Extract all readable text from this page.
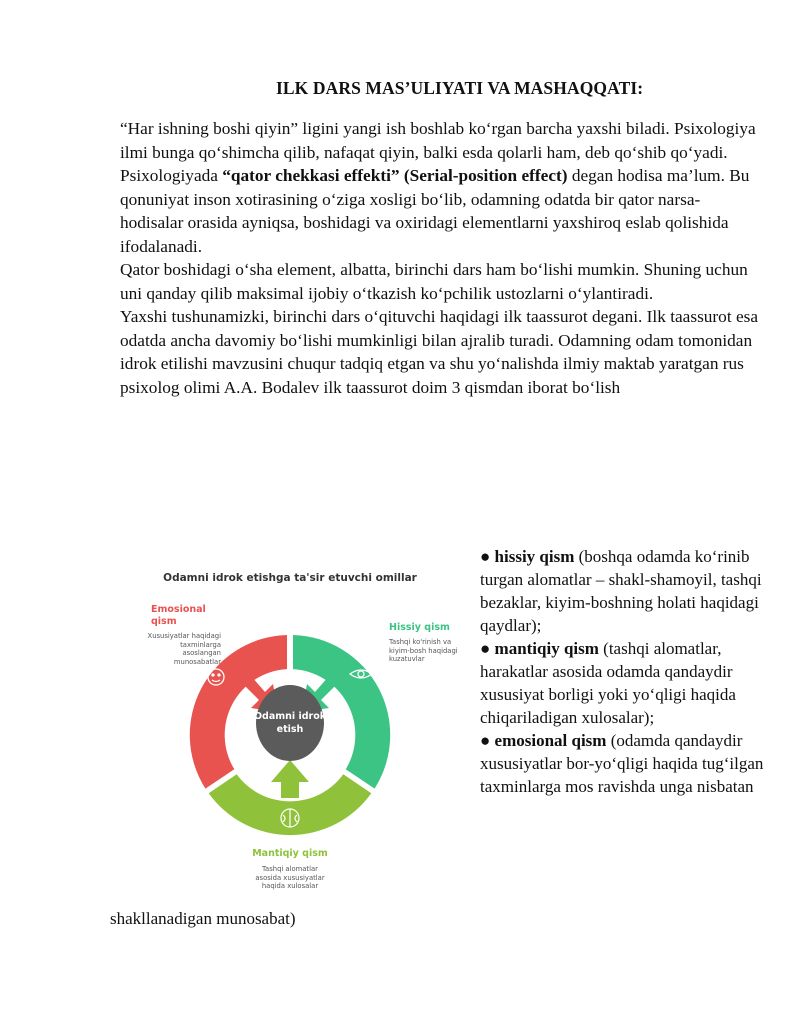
ILK DARS MAS’ULIYATI VA MASHAQQATI:

“Har ishning boshi qiyin” ligini yangi ish boshlab ko‘rgan barcha yaxshi biladi. Psixologiya ilmi bunga qo‘shimcha qilib, nafaqat qiyin, balki esda qolarli ham, deb qo‘shib qo‘yadi.

Psixologiyada “qator chekkasi effekti” (Serial-position effect) degan hodisa ma’lum. Bu qonuniyat inson xotirasining o‘ziga xosligi bo‘lib, odamning odatda bir qator narsa-hodisalar orasida ayniqsa, boshidagi va oxiridagi elementlarni yaxshiroq eslab qolishida ifodalanadi.

Qator boshidagi o‘sha element, albatta, birinchi dars ham bo‘lishi mumkin. Shuning uchun uni qanday qilib maksimal ijobiy o‘tkazish ko‘pchilik ustozlarni o‘ylantiradi.

Yaxshi tushunamizki, birinchi dars o‘qituvchi haqidagi ilk taassurot degani. Ilk taassurot esa odatda ancha davomiy bo‘lishi mumkinligi bilan ajralib turadi. Odamning odam tomonidan idrok etilishi mavzusini chuqur tadqiq etgan va shu yo‘nalishda ilmiy maktab yaratgan rus psixolog olimi A.A. Bodalev ilk taassurot doim 3 qismdan iborat bo‘lish

Odamni idrok etishga ta'sir etuvchi omillar
Odamni idrok etish
Emosional
qism
Xususiyatlar haqidagi
taxminlarga
asoslangan
munosabatlar
Hissiy qism
Tashqi ko'rinish va
kiyim-bosh haqidagi
kuzatuvlar
Mantiqiy qism
Tashqi alomatlar
asosida xususiyatlar
haqida xulosalar

● hissiy qism (boshqa odamda ko‘rinib turgan alomatlar – shakl-shamoyil, tashqi bezaklar, kiyim-boshning holati haqidagi qaydlar);

● mantiqiy qism (tashqi alomatlar, harakatlar asosida odamda qandaydir xususiyat borligi yoki yo‘qligi haqida chiqariladigan xulosalar);

● emosional qism (odamda qandaydir xususiyatlar bor-yo‘qligi haqida tug‘ilgan taxminlarga mos ravishda unga nisbatan

shakllanadigan munosabat)
